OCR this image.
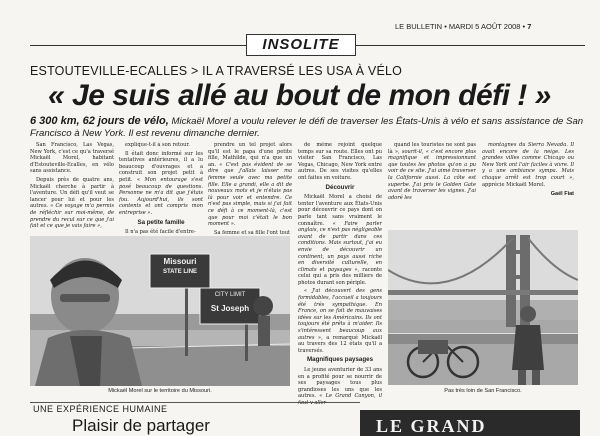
LE BULLETIN • MARDI 5 AOÛT 2008 • 7
INSOLITE
ESTOUTEVILLE-ECALLES > IL A TRAVERSÉ LES USA À VÉLO
« Je suis allé au bout de mon défi ! »
6 300 km, 62 jours de vélo, Mickaël Morel a voulu relever le défi de traverser les États-Unis à vélo et sans assistance de San Francisco à New York. Il est revenu dimanche dernier.

San Francisco, Las Vegas, New York, c'est ce qu'a traversé Mickaël Morel, habitant d'Estouteville-Ecalles, en vélo sans assistance.

Depuis près de quatre ans, Mickaël cherche à partir à l'aventure. Un défi qu'il veut se lancer pour lui et pour les autres. « Ce voyage m'a permis de réfléchir sur moi-même, de prendre du recul sur ce que j'ai fait et ce que je vais faire »,

explique-t-il à son retour.

Il était donc informé sur les tentatives antérieures, il a lu beaucoup d'ouvrages et a construit son projet petit à petit. « Mon entourage s'est posé beaucoup de questions. Personne ne m'a dit que j'étais fou. Aujourd'hui, ils sont contents et ont compris mon entreprise ».

Sa petite famille

Il n'a pas été facile d'entre-

prendre un tel projet alors qu'il est le papa d'une petite fille, Mathilde, qui n'a que un an. « C'est pas évident de se dire que j'allais laisser ma femme seule avec ma petite fille. Elle a grandi, elle a dit de nouveaux mots et je n'étais pas là pour voir et entendre. Ce n'est pas simple, mais si j'ai fait ce défi à ce moment-là, c'est que pour moi c'était le bon moment ».

Sa femme et sa fille l'ont tout

de même rejoint quelque temps sur sa route. Elles ont pu visiter San Francisco, Las Vegas, Chicago, New York entre autres. De ses visites qu'elles ont faites en voiture.

Découvrir

Mickaël Morel a choisi de tenter l'aventure aux États-Unis pour découvrir ce pays dont on parle tant sans vraiment le connaître. « Faire parler anglais, ce n'est pas négligeable avant de partir dans ces conditions. Mais surtout, j'ai eu envie de découvrir un continent, un pays aussi riche en diversité culturelle, en climats et paysages », raconte celui qui a pris des milliers de photos durant son périple.

« J'ai découvert des gens formidables, l'accueil a toujours été très sympathique. En France, on se fait de mauvaises idées sur les Américains. Ils ont toujours été prêts à m'aider. Ils s'intéressent beaucoup aux autres », a remarqué Mickaël au travers des 12 états qu'il a traversés.

Magnifiques paysages

Le jeune aventurier de 33 ans en a profité pour se nourrir de ses paysages tous plus grandioses les uns que les autres. « Le Grand Canyon, il

quand les touristes ne sont pas là », sourit-il, « c'est encore plus magnifique et impressionnant que toutes les photos qu'on a pu voir de ce site. J'ai aimé traverser la Californie aussi. La côte est superbe. J'ai pris le Golden Gate avant de traverser les vignes. J'ai adoré les

montagnes du Sierra Nevada. Il avait encore de la neige. Les grandes villes comme Chicago ou New York ont l'air faciles à vivre. Il y a une ambiance sympa. Mais chaque arrêt est trop court », apprécie Mickaël Morel.

Gaël Fiat
Missouri
STATE LINE
CITY LIMIT
St Joseph
Mickaël Morel sur le territoire du Missouri.	Pas très loin de San Francisco.
UNE EXPÉRIENCE HUMAINE
Plaisir de partager	LE GRAND
